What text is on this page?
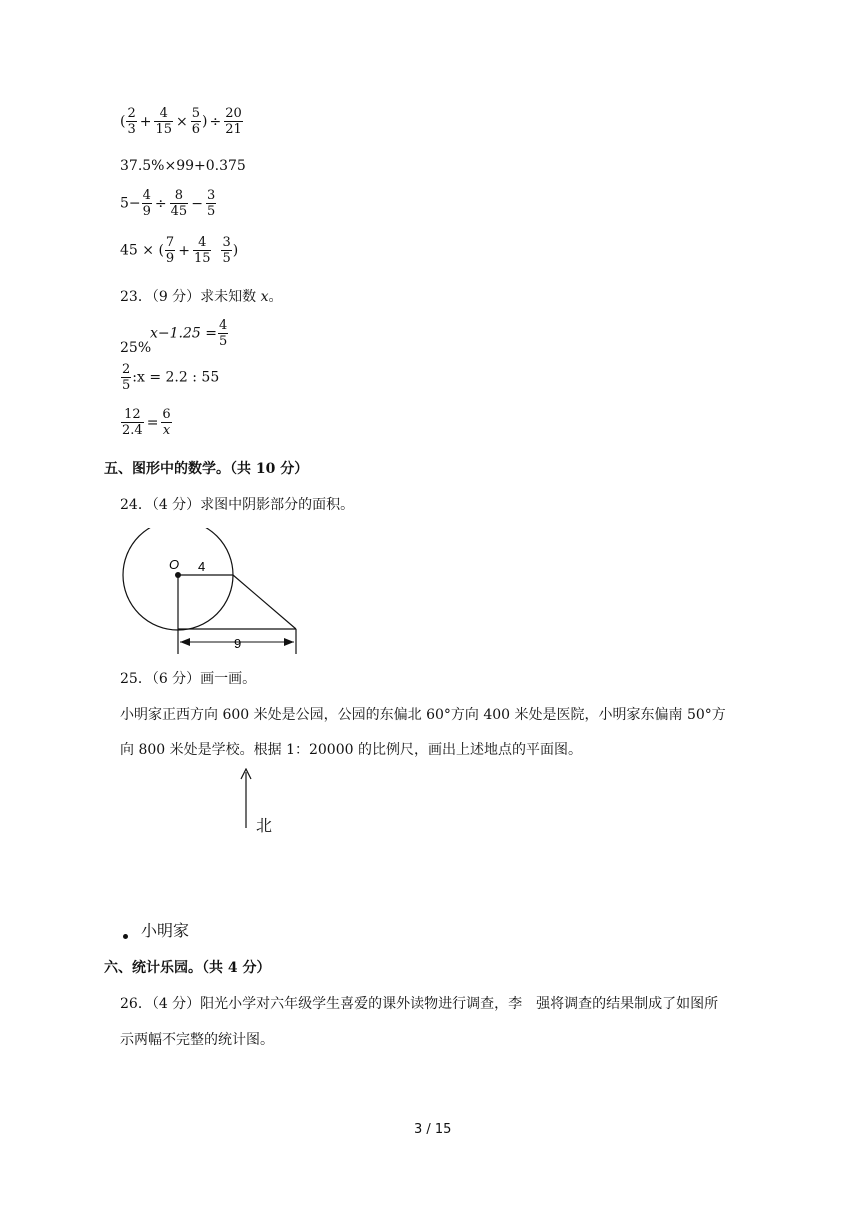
( $\frac{2}{3} + \frac{4}{15} \times \frac{5}{6}$ ) ÷ $\frac{20}{21}$
37.5%×99+0.375
$5- \frac{4}{9} \div \frac{8}{45} - \frac{3}{5}$
45 × ( $\frac{7}{9} + \frac{4}{15} \frac{3}{5}$ )
23．（9 分）求未知数 x。
$x-1.25 = \frac{4}{5}$
25%
$\frac{2}{5}$ :x = 2.2 : 55
$\frac{12}{2.4} = \frac{6}{x}$
五、图形中的数学。（共 10 分）
24．（4 分）求图中阴影部分的面积。
O 4
9
25．（6 分）画一画。
小明家正西方向 600 米处是公园，公园的东偏北 60°方向 400 米处是医院，小明家东偏南 50°方
向 800 米处是学校。根据 1：20000 的比例尺，画出上述地点的平面图。
北
小明家
六、统计乐园。（共 4 分）
26．（4 分）阳光小学对六年级学生喜爱的课外读物进行调查，李　强将调查的结果制成了如图所
示两幅不完整的统计图。
3 / 15
